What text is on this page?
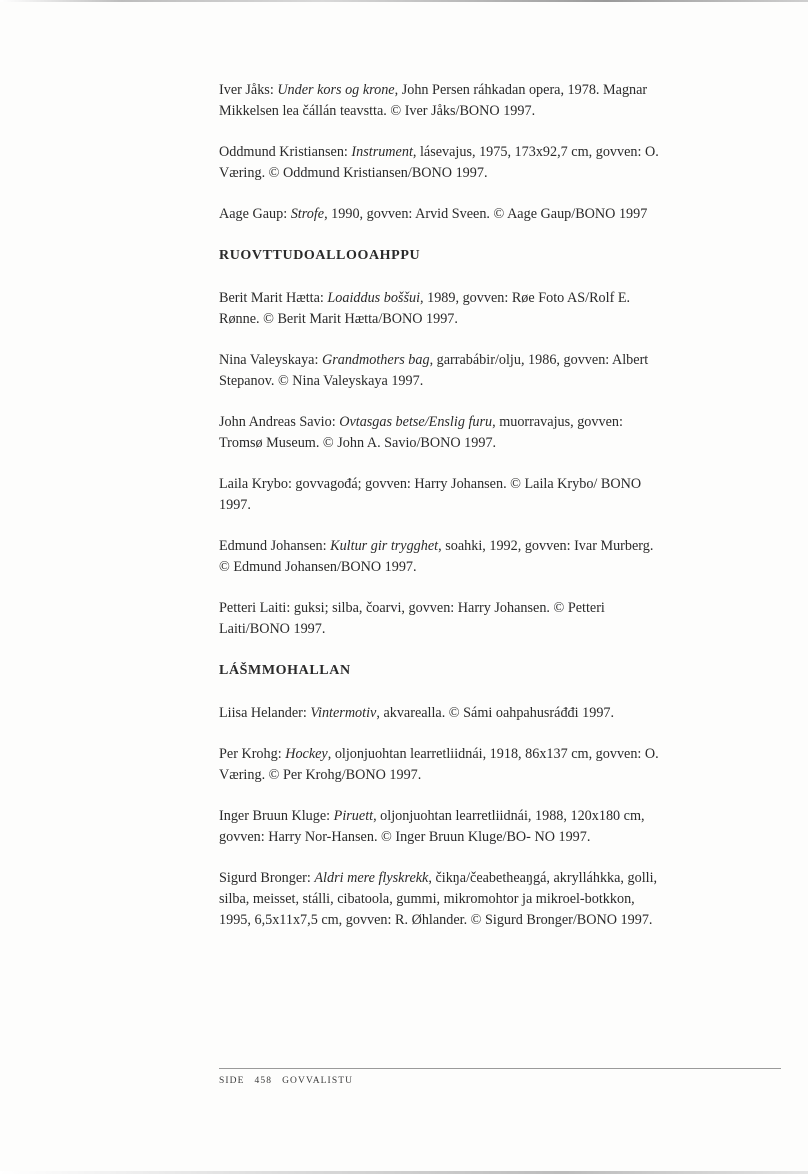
Iver Jåks: Under kors og krone, John Persen ráhkadan opera, 1978. Magnar Mikkelsen lea čállán teavstta. © Iver Jåks/BONO 1997.

Oddmund Kristiansen: Instrument, lásevajus, 1975, 173x92,7 cm, govven: O. Væring. © Oddmund Kristiansen/BONO 1997.

Aage Gaup: Strofe, 1990, govven: Arvid Sveen. © Aage Gaup/BONO 1997

RUOVTTUDOALLOOAHPPU

Berit Marit Hætta: Loaiddus boššui, 1989, govven: Røe Foto AS/Rolf E. Rønne. © Berit Marit Hætta/BONO 1997.

Nina Valeyskaya: Grandmothers bag, garrabábir/olju, 1986, govven: Albert Stepanov. © Nina Valeyskaya 1997.

John Andreas Savio: Ovtasgas betse/Enslig furu, muorravajus, govven: Tromsø Museum. © John A. Savio/BONO 1997.

Laila Krybo: govvagođá; govven: Harry Johansen. © Laila Krybo/ BONO 1997.

Edmund Johansen: Kultur gir trygghet, soahki, 1992, govven: Ivar Murberg. © Edmund Johansen/BONO 1997.

Petteri Laiti: guksi; silba, čoarvi, govven: Harry Johansen. © Petteri Laiti/BONO 1997.

LÁŠMMOHALLAN

Liisa Helander: Vintermotiv, akvarealla. © Sámi oahpahusráđđi 1997.

Per Krohg: Hockey, oljonjuohtan learretliidnái, 1918, 86x137 cm, govven: O. Væring. © Per Krohg/BONO 1997.

Inger Bruun Kluge: Piruett, oljonjuohtan learretliidnái, 1988, 120x180 cm, govven: Harry Nor-Hansen. © Inger Bruun Kluge/BO- NO 1997.

Sigurd Bronger: Aldri mere flyskrekk, čikŋa/čeabetheaŋgá, akrylláhkka, golli, silba, meisset, stálli, cibatoola, gummi, mikromohtor ja mikroel-botkkon, 1995, 6,5x11x7,5 cm, govven: R. Øhlander. © Sigurd Bronger/BONO 1997.

SIDE 458 GOVVALISTU
